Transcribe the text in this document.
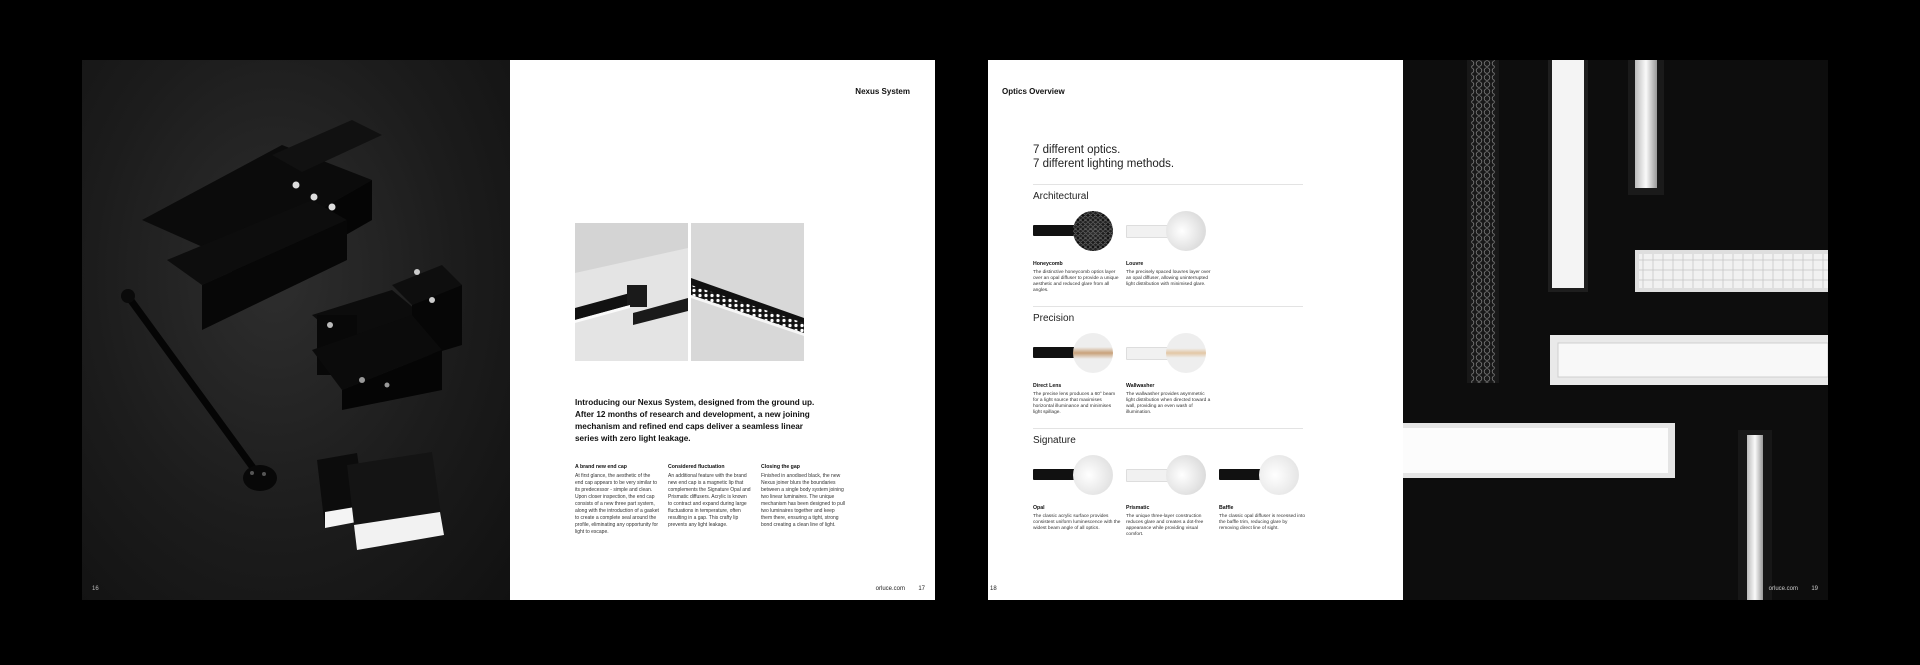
16
Nexus System
Introducing our Nexus System, designed from the ground up. After 12 months of research and development, a new joining mechanism and refined end caps deliver a seamless linear series with zero light leakage.
A brand new end cap

At first glance, the aesthetic of the end cap appears to be very similar to its predecessor - simple and clean. Upon closer inspection, the end cap consists of a new three part system, along with the introduction of a gasket to create a complete seal around the profile, eliminating any opportunity for light to escape.

Considered fluctuation

An additional feature with the brand new end cap is a magnetic lip that complements the Signature Opal and Prismatic diffusers. Acrylic is known to contract and expand during large fluctuations in temperature, often resulting in a gap. This crafty lip prevents any light leakage.

Closing the gap

Finished in anodised black, the new Nexus joiner blurs the boundaries between a single body system joining two linear luminaires. The unique mechanism has been designed to pull two luminaires together and keep them there, ensuring a tight, strong bond creating a clean line of light.

orluce.com 17
Optics Overview
7 different optics.
7 different lighting methods.
Architectural
Honeycomb

The distinctive honeycomb optics layer over an opal diffuser to provide a unique aesthetic and reduced glare from all angles.

Louvre

The precisely spaced louvres layer over an opal diffuser, allowing uninterrupted light distribution with minimised glare.

Precision
Direct Lens

The precise lens produces a 60° beam for a light source that maximises horizontal illuminance and minimises light spillage.

Wallwasher

The wallwasher provides asymmetric light distribution when directed toward a wall, providing an even wash of illumination.

Signature
Opal

The classic acrylic surface provides consistent uniform luminescence with the widest beam angle of all optics.

Prismatic

The unique three-layer construction reduces glare and creates a dot-free appearance while providing visual comfort.

Baffle

The classic opal diffuser is recessed into the baffle trim, reducing glare by removing direct line of sight.

18	orluce.com 19
